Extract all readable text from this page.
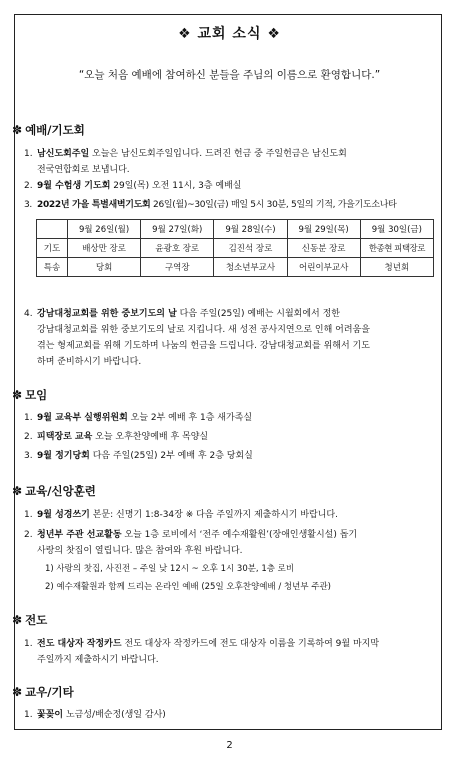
❖ 교회 소식 ❖
“오늘 처음 예배에 참여하신 분들을 주님의 이름으로 환영합니다.”
✽ 예배/기도회
1. 남신도회주일 오늘은 남신도회주일입니다. 드려진 헌금 중 주일헌금은 남신도회
전국연합회로 보냅니다.
2. 9월 수험생 기도회 29일(목) 오전 11시, 3층 예배실
3. 2022년 가을 특별새벽기도회 26일(월)~30일(금) 매일 5시 30분, 5일의 기적, 가을기도소나타
	9월 26일(월)	9월 27일(화)	9월 28일(수)	9월 29일(목)	9월 30일(금)
기도	배상만 장로	윤광호 장로	김진석 장로	신동분 장로	한종현 피택장로
특송	당회	구역장	청소년부교사	어린이부교사	청년회
4. 강남대청교회를 위한 중보기도의 날 다음 주일(25일) 예배는 시월회에서 정한
강남대청교회를 위한 중보기도의 날로 지킵니다. 새 성전 공사지연으로 인해 어려움을
겪는 형제교회를 위해 기도하며 나눔의 헌금을 드립니다. 강남대청교회를 위해서 기도
하며 준비하시기 바랍니다.
✽ 모임
1. 9월 교육부 실행위원회 오늘 2부 예배 후 1층 새가족실
2. 피택장로 교육 오늘 오후찬양예배 후 목양실
3. 9월 정기당회 다음 주일(25일) 2부 예배 후 2층 당회실
✽ 교육/신앙훈련
1. 9월 성경쓰기 본문: 신명기 1:8-34장 ※ 다음 주일까지 제출하시기 바랍니다.
2. 청년부 주관 선교활동 오늘 1층 로비에서 ‘전주 예수재활원’(장애인생활시설) 돕기
사랑의 찻집이 열립니다. 많은 참여와 후원 바랍니다.
1) 사랑의 찻집, 사진전 – 주일 낮 12시 ~ 오후 1시 30분, 1층 로비
2) 예수재활원과 함께 드리는 온라인 예배 (25일 오후찬양예배 / 청년부 주관)
✽ 전도
1. 전도 대상자 작정카드 전도 대상자 작정카드에 전도 대상자 이름을 기록하여 9월 마지막
주일까지 제출하시기 바랍니다.
✽ 교우/기타
1. 꽃꽂이 노금성/배순정(생일 감사)
2
